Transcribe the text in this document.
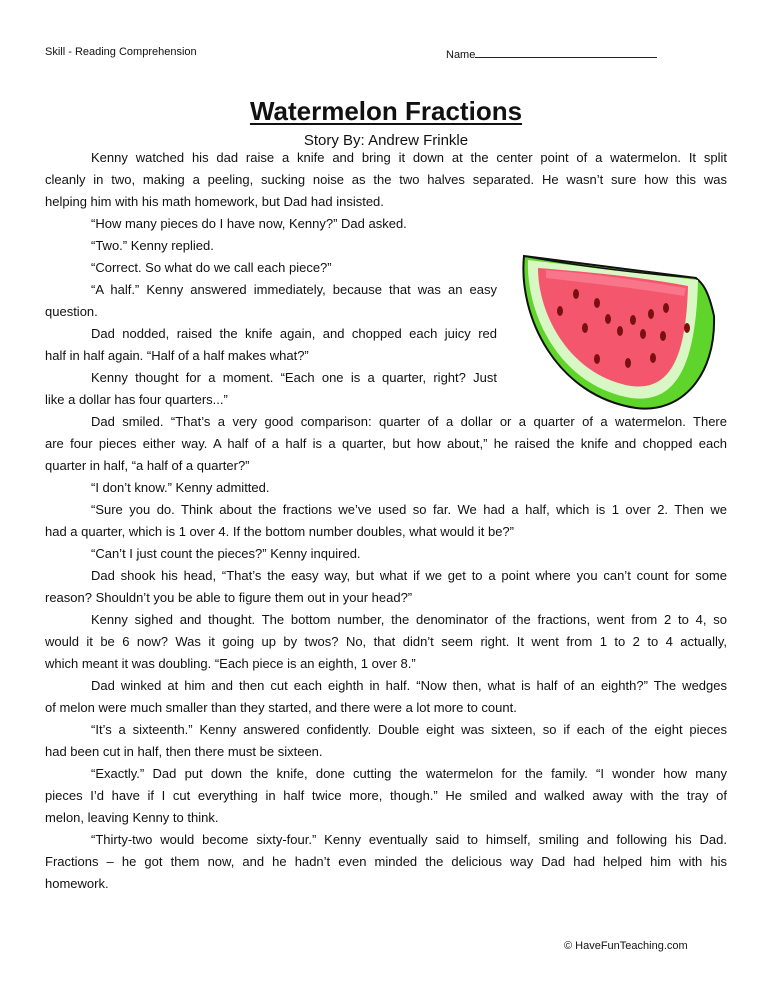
Skill - Reading Comprehension	Name
Watermelon Fractions
Story By: Andrew Frinkle
Kenny watched his dad raise a knife and bring it down at the center point of a watermelon. It split
cleanly in two, making a peeling, sucking noise as the two halves separated. He wasn’t sure how this was
helping him with his math homework, but Dad had insisted.
“How many pieces do I have now, Kenny?” Dad asked.
“Two.” Kenny replied.
“Correct. So what do we call each piece?”
“A half.” Kenny answered immediately, because that was an easy
question.
Dad nodded, raised the knife again, and chopped each juicy red
half in half again. “Half of a half makes what?”
Kenny thought for a moment. “Each one is a quarter, right? Just
like a dollar has four quarters...”
Dad smiled. “That’s a very good comparison: quarter of a dollar or a quarter of a watermelon. There
are four pieces either way. A half of a half is a quarter, but how about,” he raised the knife and chopped each
quarter in half, “a half of a quarter?”
“I don’t know.” Kenny admitted.
“Sure you do. Think about the fractions we’ve used so far. We had a half, which is 1 over 2. Then we
had a quarter, which is 1 over 4. If the bottom number doubles, what would it be?”
“Can’t I just count the pieces?” Kenny inquired.
Dad shook his head, “That’s the easy way, but what if we get to a point where you can’t count for some
reason? Shouldn’t you be able to figure them out in your head?”
Kenny sighed and thought. The bottom number, the denominator of the fractions, went from 2 to 4, so
would it be 6 now? Was it going up by twos? No, that didn’t seem right. It went from 1 to 2 to 4 actually,
which meant it was doubling. “Each piece is an eighth, 1 over 8.”
Dad winked at him and then cut each eighth in half. “Now then, what is half of an eighth?” The wedges
of melon were much smaller than they started, and there were a lot more to count.
“It’s a sixteenth.” Kenny answered confidently. Double eight was sixteen, so if each of the eight pieces
had been cut in half, then there must be sixteen.
“Exactly.” Dad put down the knife, done cutting the watermelon for the family. “I wonder how many
pieces I’d have if I cut everything in half twice more, though.” He smiled and walked away with the tray of
melon, leaving Kenny to think.
“Thirty-two would become sixty-four.” Kenny eventually said to himself, smiling and following his Dad.
Fractions – he got them now, and he hadn’t even minded the delicious way Dad had helped him with his
homework.
© HaveFunTeaching.com
